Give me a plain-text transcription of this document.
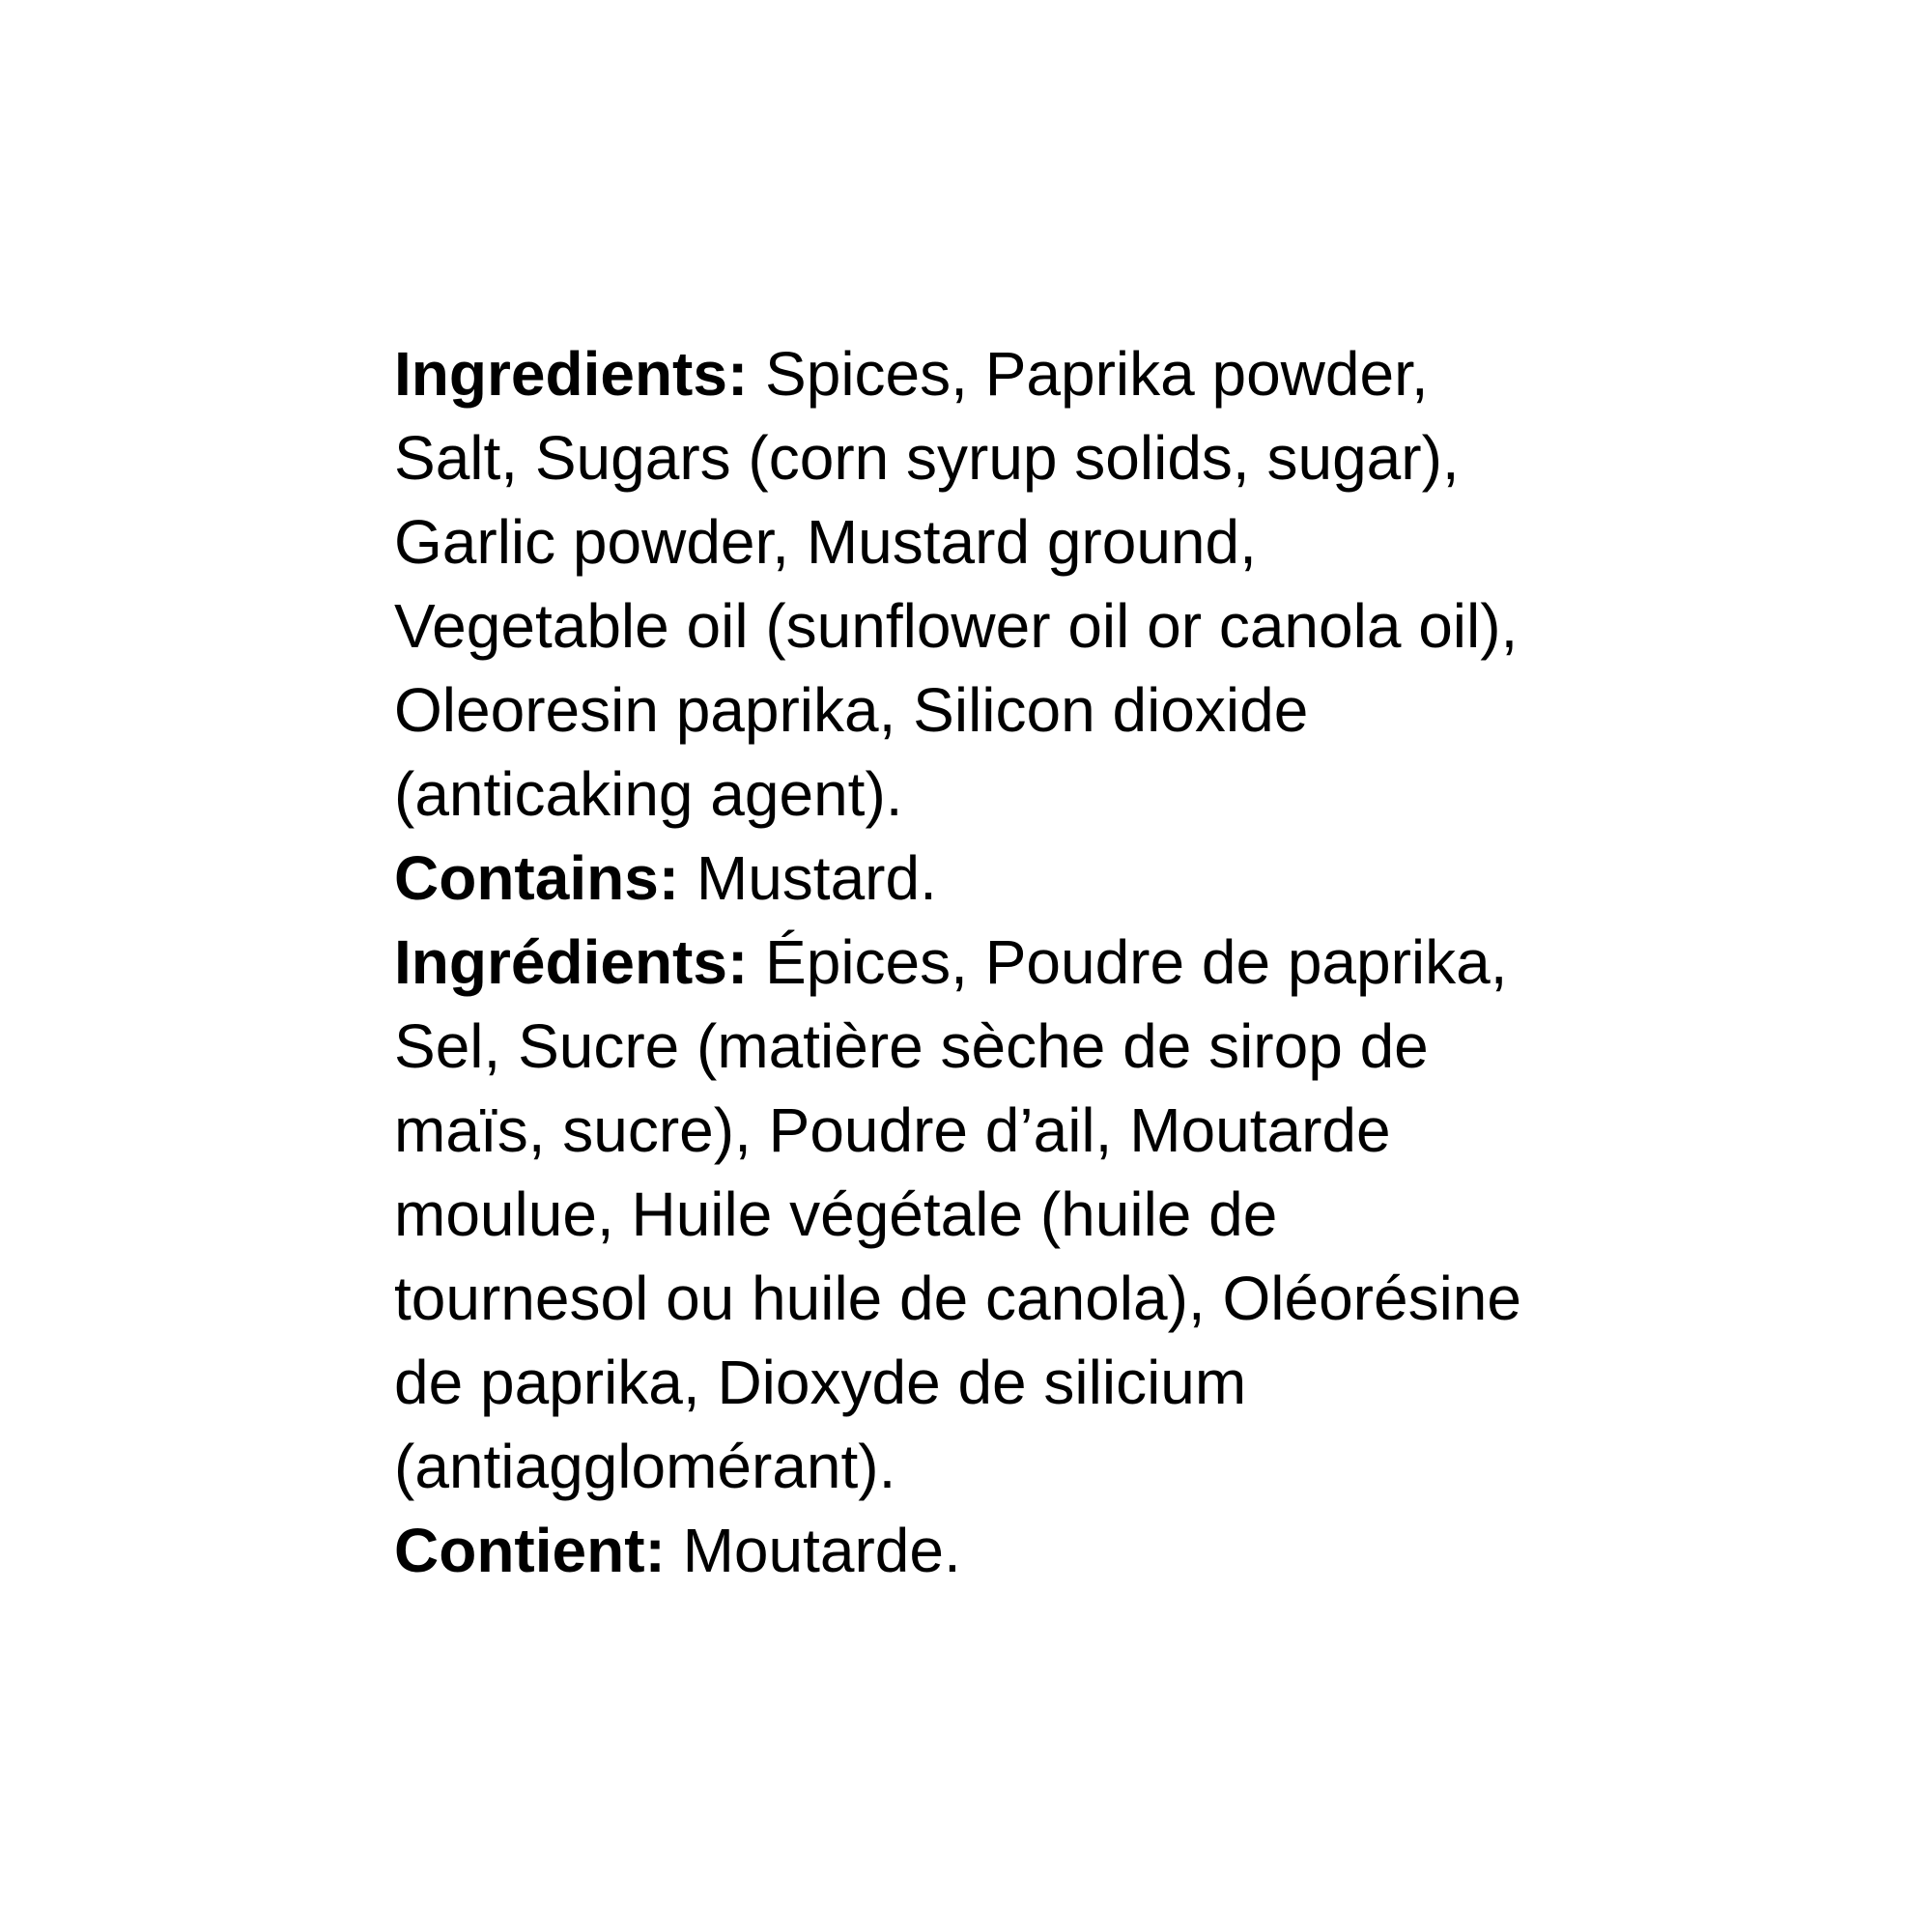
Ingredients: Spices, Paprika powder,
Salt, Sugars (corn syrup solids, sugar),
Garlic powder, Mustard ground,
Vegetable oil (sunflower oil or canola oil),
Oleoresin paprika, Silicon dioxide
(anticaking agent).
Contains: Mustard.
Ingrédients: Épices, Poudre de paprika,
Sel, Sucre (matière sèche de sirop de
maïs, sucre), Poudre d’ail, Moutarde
moulue, Huile végétale (huile de
tournesol ou huile de canola), Oléorésine
de paprika, Dioxyde de silicium
(antiagglomérant).
Contient: Moutarde.
